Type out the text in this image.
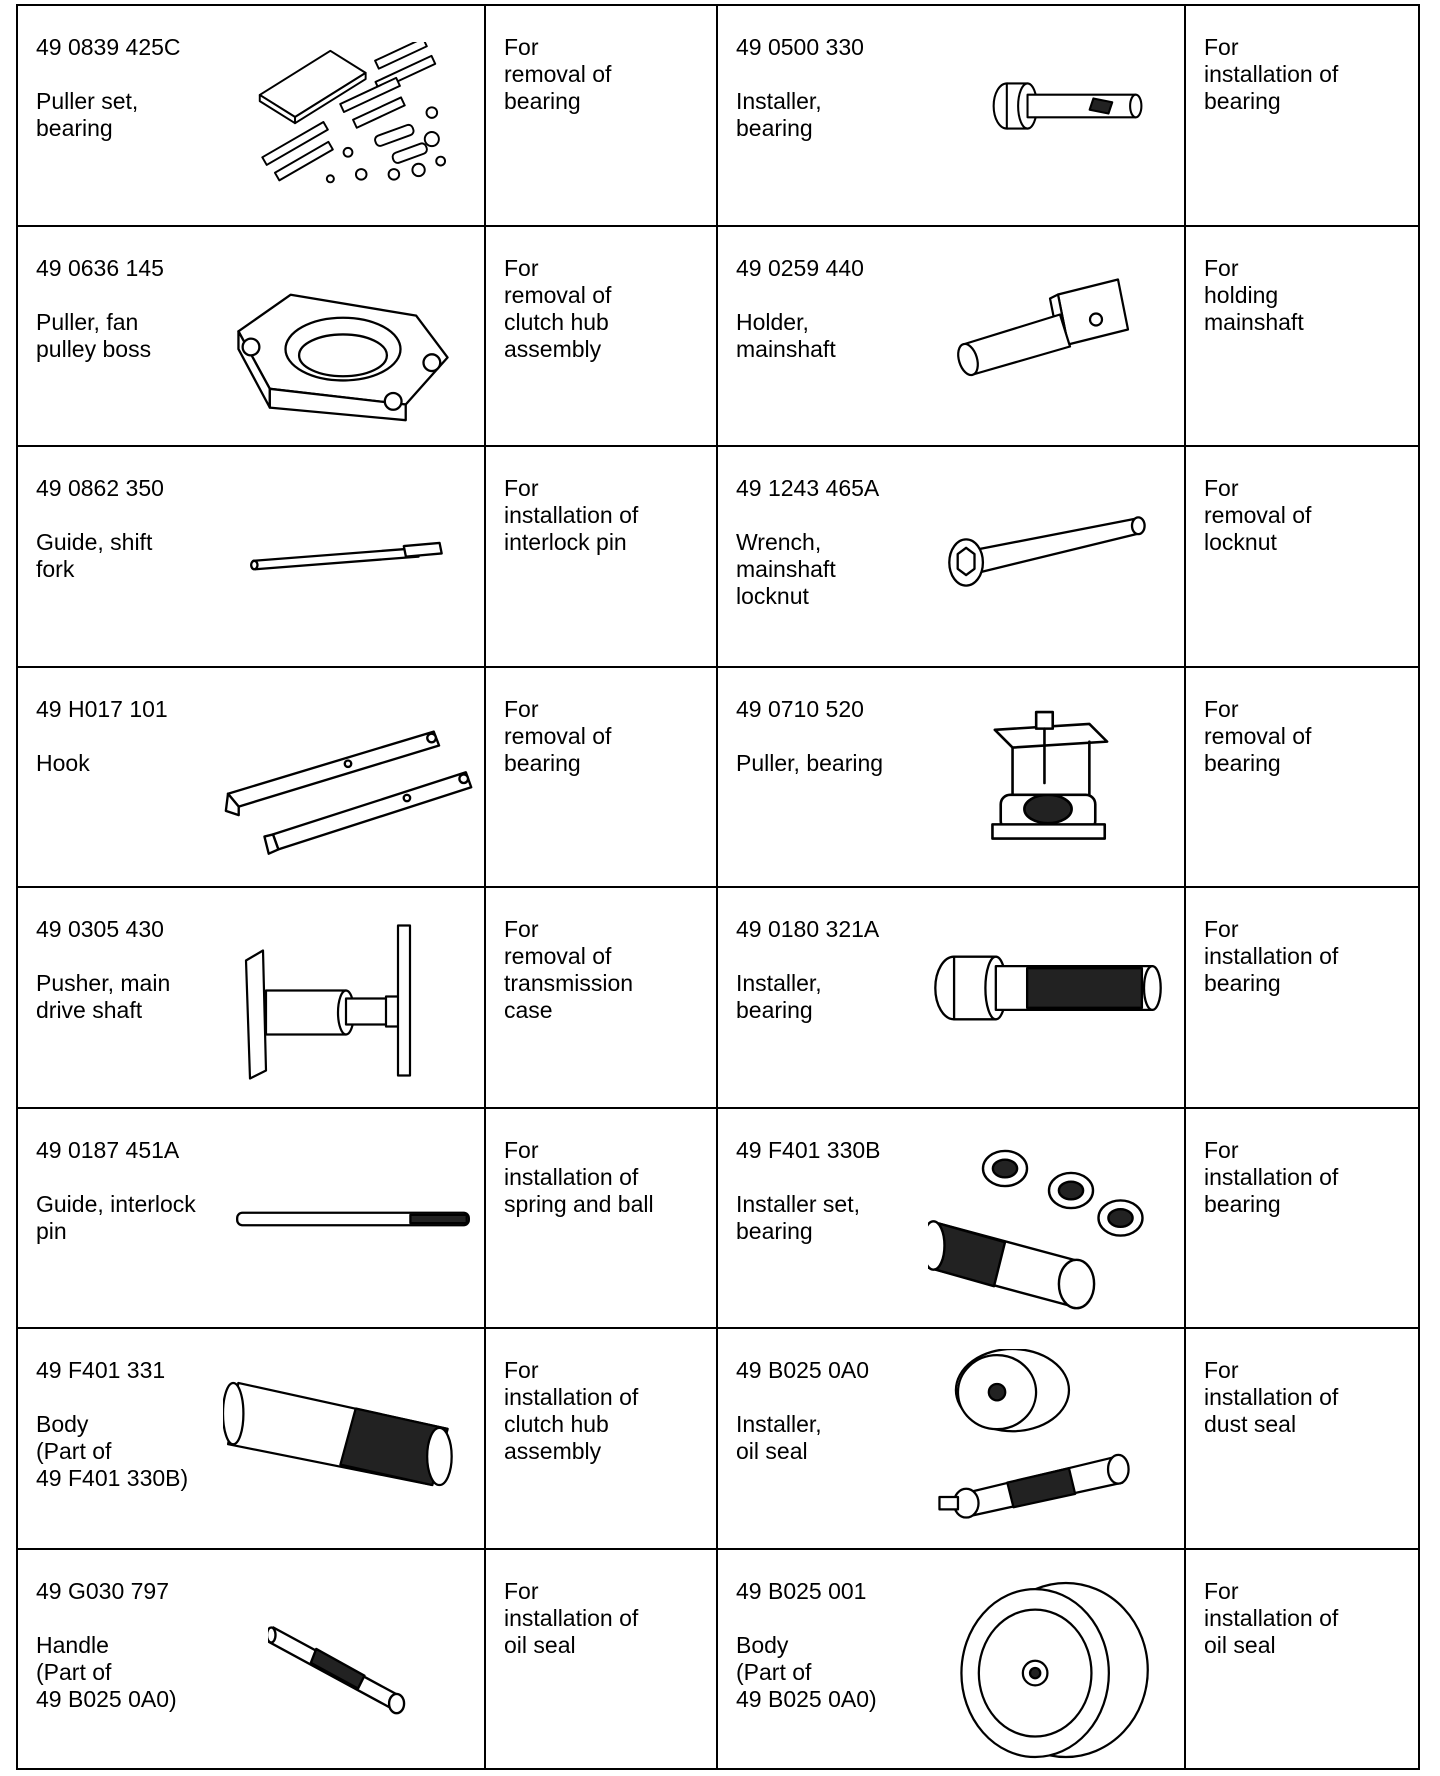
49 0839 425C
Puller set,
bearing
For
removal of
bearing
49 0500 330
Installer,
bearing
For
installation of
bearing
49 0636 145
Puller, fan
pulley boss
For
removal of
clutch hub
assembly
49 0259 440
Holder,
mainshaft
For
holding
mainshaft
49 0862 350
Guide, shift
fork
For
installation of
interlock pin
49 1243 465A
Wrench,
mainshaft
locknut
For
removal of
locknut
49 H017 101
Hook
For
removal of
bearing
49 0710 520
Puller, bearing
For
removal of
bearing
49 0305 430
Pusher, main
drive shaft
For
removal of
transmission
case
49 0180 321A
Installer,
bearing
For
installation of
bearing
49 0187 451A
Guide, interlock
pin
For
installation of
spring and ball
49 F401 330B
Installer set,
bearing
For
installation of
bearing
49 F401 331
Body
(Part of
49 F401 330B)
For
installation of
clutch hub
assembly
49 B025 0A0
Installer,
oil seal
For
installation of
dust seal
49 G030 797
Handle
(Part of
49 B025 0A0)
For
installation of
oil seal
49 B025 001
Body
(Part of
49 B025 0A0)
For
installation of
oil seal
